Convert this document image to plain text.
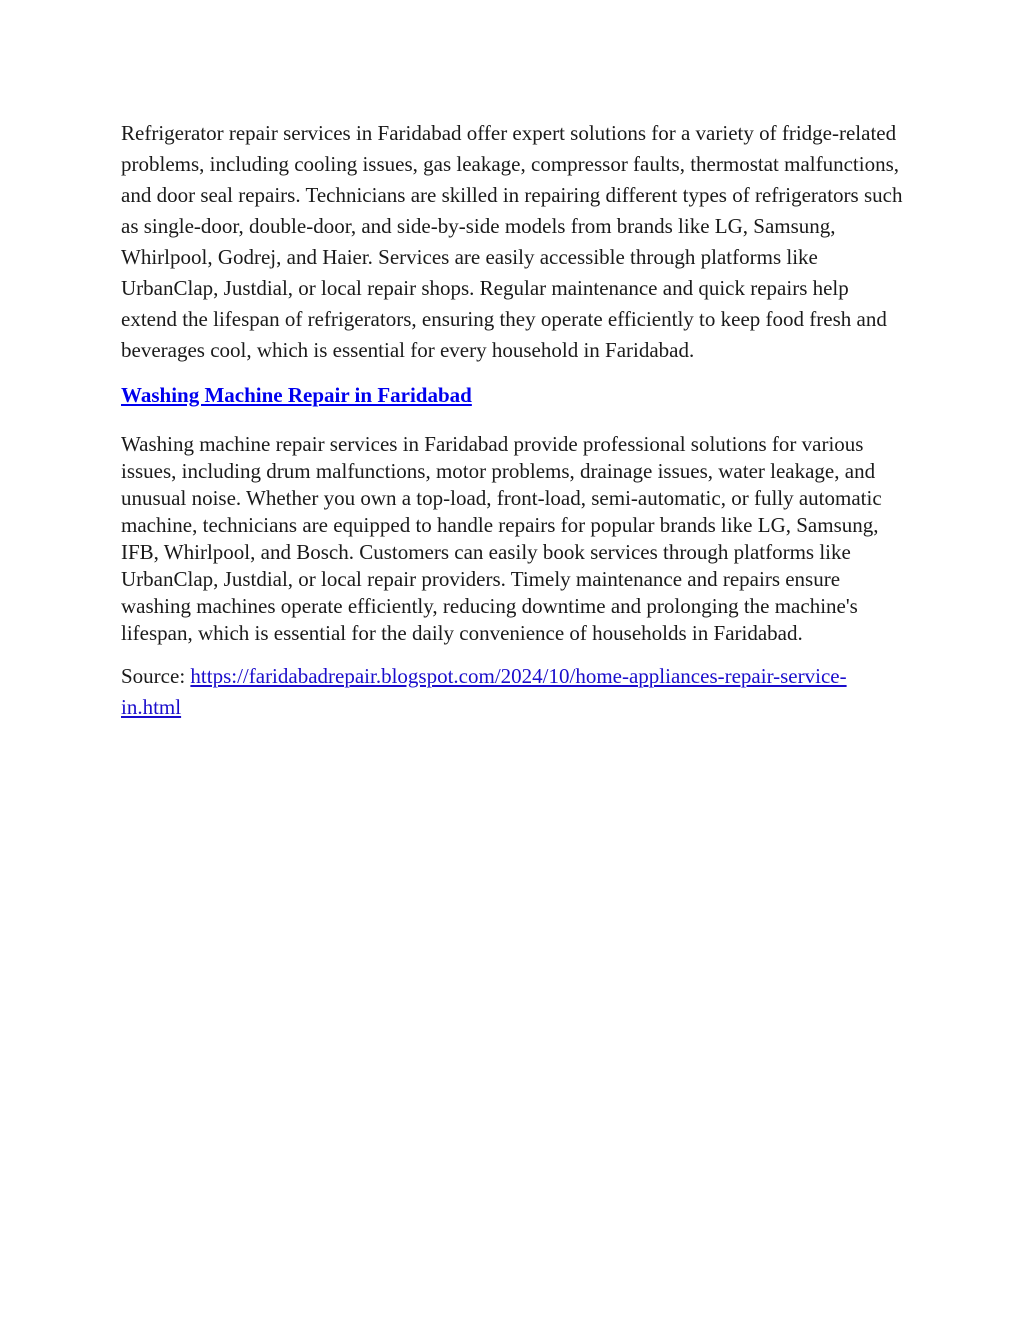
Refrigerator repair services in Faridabad offer expert solutions for a variety of fridge-related problems, including cooling issues, gas leakage, compressor faults, thermostat malfunctions, and door seal repairs. Technicians are skilled in repairing different types of refrigerators such as single-door, double-door, and side-by-side models from brands like LG, Samsung, Whirlpool, Godrej, and Haier. Services are easily accessible through platforms like UrbanClap, Justdial, or local repair shops. Regular maintenance and quick repairs help extend the lifespan of refrigerators, ensuring they operate efficiently to keep food fresh and beverages cool, which is essential for every household in Faridabad.

Washing Machine Repair in Faridabad

Washing machine repair services in Faridabad provide professional solutions for various issues, including drum malfunctions, motor problems, drainage issues, water leakage, and unusual noise. Whether you own a top-load, front-load, semi-automatic, or fully automatic machine, technicians are equipped to handle repairs for popular brands like LG, Samsung, IFB, Whirlpool, and Bosch. Customers can easily book services through platforms like UrbanClap, Justdial, or local repair providers. Timely maintenance and repairs ensure washing machines operate efficiently, reducing downtime and prolonging the machine's lifespan, which is essential for the daily convenience of households in Faridabad.

Source: https://faridabadrepair.blogspot.com/2024/10/home-appliances-repair-service-in.html
